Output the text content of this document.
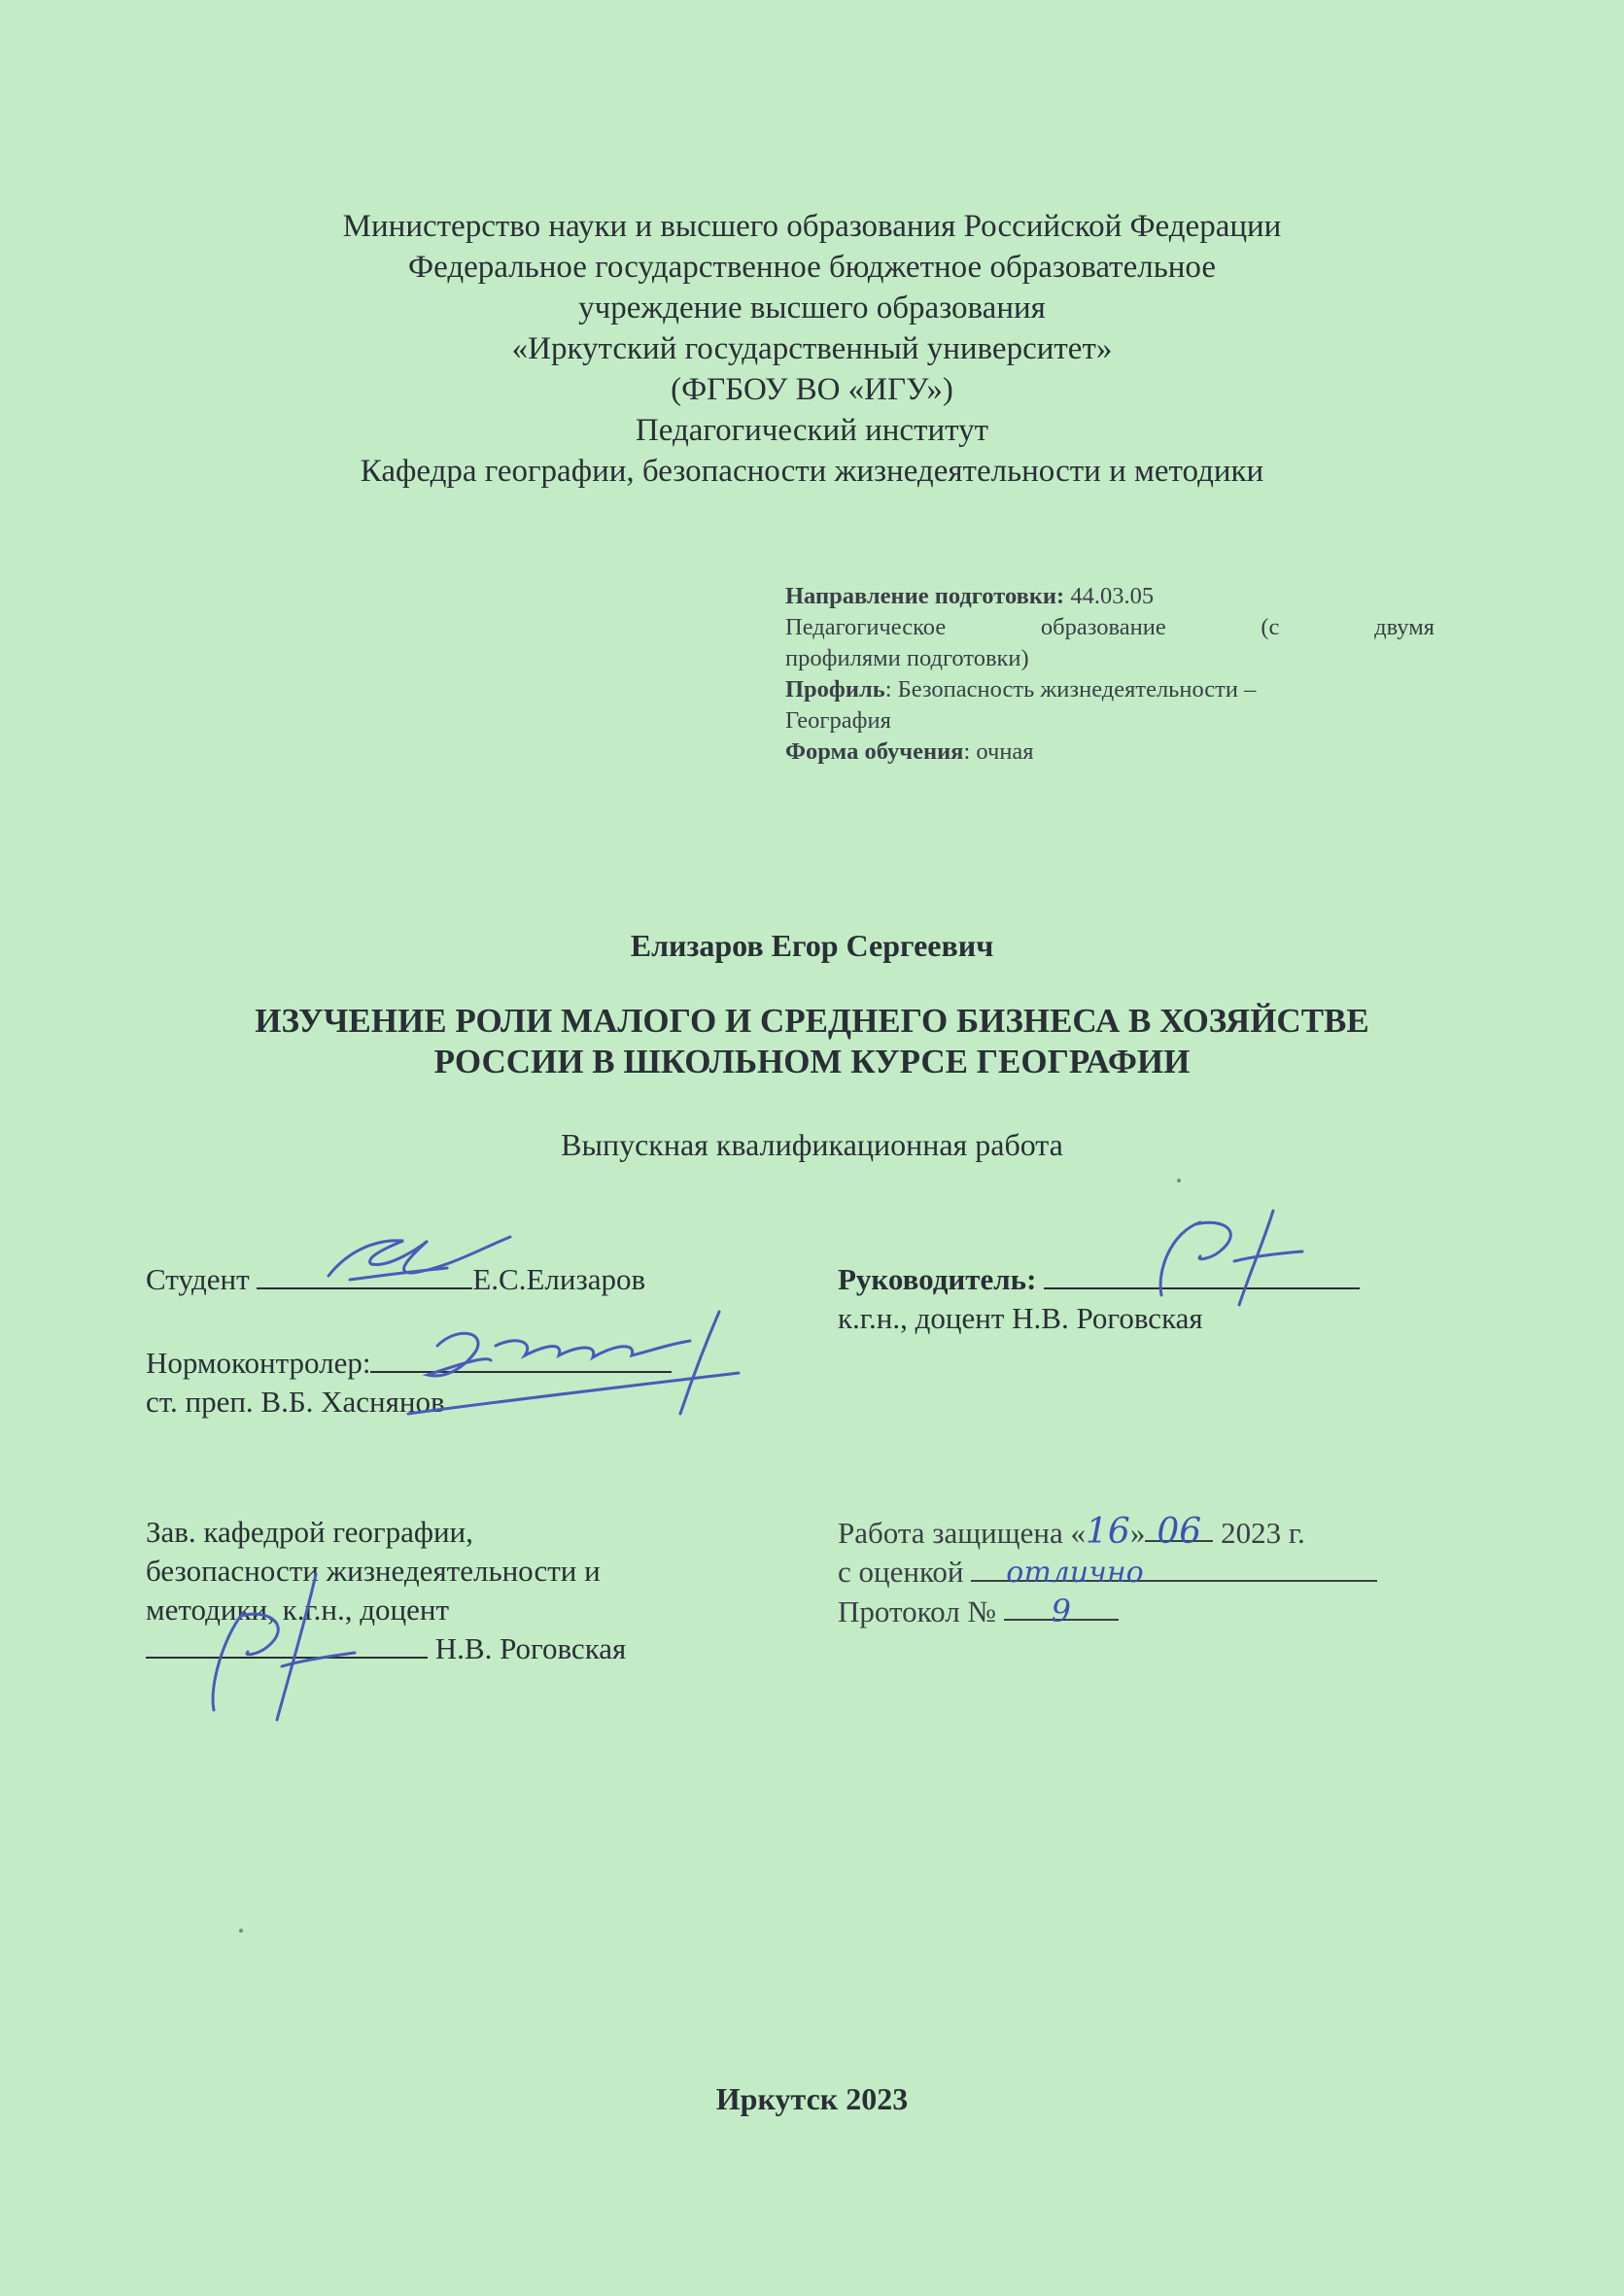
Министерство науки и высшего образования Российской Федерации
Федеральное государственное бюджетное образовательное
учреждение высшего образования
«Иркутский государственный университет»
(ФГБОУ ВО «ИГУ»)
Педагогический институт
Кафедра географии, безопасности жизнедеятельности и методики

Направление подготовки: 44.03.05

Педагогическое образование (с двумя

профилями подготовки)

Профиль: Безопасность жизнедеятельности –

География

Форма обучения: очная

Елизаров Егор Сергеевич
ИЗУЧЕНИЕ РОЛИ МАЛОГО И СРЕДНЕГО БИЗНЕСА В ХОЗЯЙСТВЕ
РОССИИ В ШКОЛЬНОМ КУРСЕ ГЕОГРАФИИ
Выпускная квалификационная работа
Студент	Е.С.Елизаров	Руководитель:
к.г.н., доцент Н.В. Роговская
Нормоконтролер:
ст. преп. В.Б. Хаснянов
Зав. кафедрой географии,
безопасности жизнедеятельности и
методики, к.г.н., доцент
Н.В. Роговская
Работа защищена «16» 06 2023 г.
с оценкой отлично
Протокол № 9
Иркутск 2023
